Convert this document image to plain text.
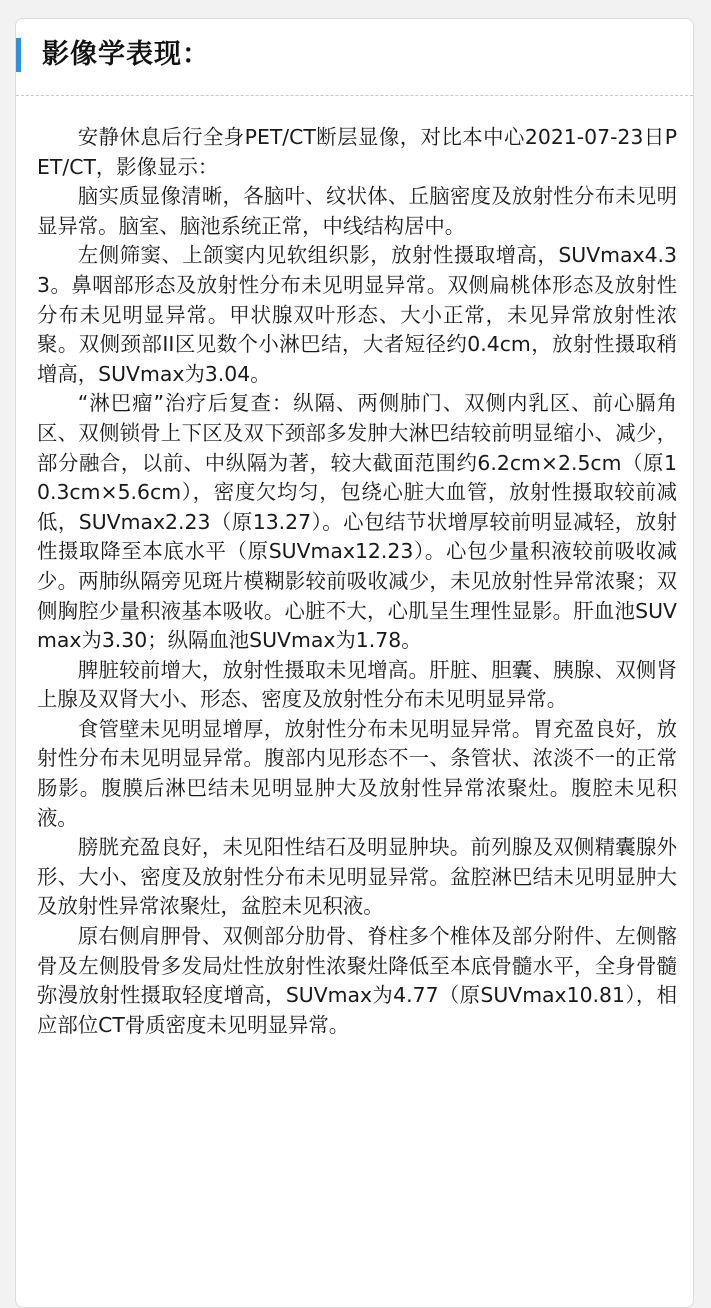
影像学表现：

安静休息后行全身PET/CT断层显像，对比本中心2021-07-23日PET/CT，影像显示：

脑实质显像清晰，各脑叶、纹状体、丘脑密度及放射性分布未见明显异常。脑室、脑池系统正常，中线结构居中。

左侧筛窦、上颌窦内见软组织影，放射性摄取增高，SUVmax4.33。鼻咽部形态及放射性分布未见明显异常。双侧扁桃体形态及放射性分布未见明显异常。甲状腺双叶形态、大小正常，未见异常放射性浓聚。双侧颈部II区见数个小淋巴结，大者短径约0.4cm，放射性摄取稍增高，SUVmax为3.04。

“淋巴瘤”治疗后复查：纵隔、两侧肺门、双侧内乳区、前心膈角区、双侧锁骨上下区及双下颈部多发肿大淋巴结较前明显缩小、减少，部分融合，以前、中纵隔为著，较大截面范围约6.2cm×2.5cm（原10.3cm×5.6cm），密度欠均匀，包绕心脏大血管，放射性摄取较前减低，SUVmax2.23（原13.27）。心包结节状增厚较前明显减轻，放射性摄取降至本底水平（原SUVmax12.23）。心包少量积液较前吸收减少。两肺纵隔旁见斑片模糊影较前吸收减少，未见放射性异常浓聚；双侧胸腔少量积液基本吸收。心脏不大，心肌呈生理性显影。肝血池SUVmax为3.30；纵隔血池SUVmax为1.78。

脾脏较前增大，放射性摄取未见增高。肝脏、胆囊、胰腺、双侧肾上腺及双肾大小、形态、密度及放射性分布未见明显异常。

食管壁未见明显增厚，放射性分布未见明显异常。胃充盈良好，放射性分布未见明显异常。腹部内见形态不一、条管状、浓淡不一的正常肠影。腹膜后淋巴结未见明显肿大及放射性异常浓聚灶。腹腔未见积液。

膀胱充盈良好，未见阳性结石及明显肿块。前列腺及双侧精囊腺外形、大小、密度及放射性分布未见明显异常。盆腔淋巴结未见明显肿大及放射性异常浓聚灶，盆腔未见积液。

原右侧肩胛骨、双侧部分肋骨、脊柱多个椎体及部分附件、左侧髂骨及左侧股骨多发局灶性放射性浓聚灶降低至本底骨髓水平，全身骨髓弥漫放射性摄取轻度增高，SUVmax为4.77（原SUVmax10.81），相应部位CT骨质密度未见明显异常。
